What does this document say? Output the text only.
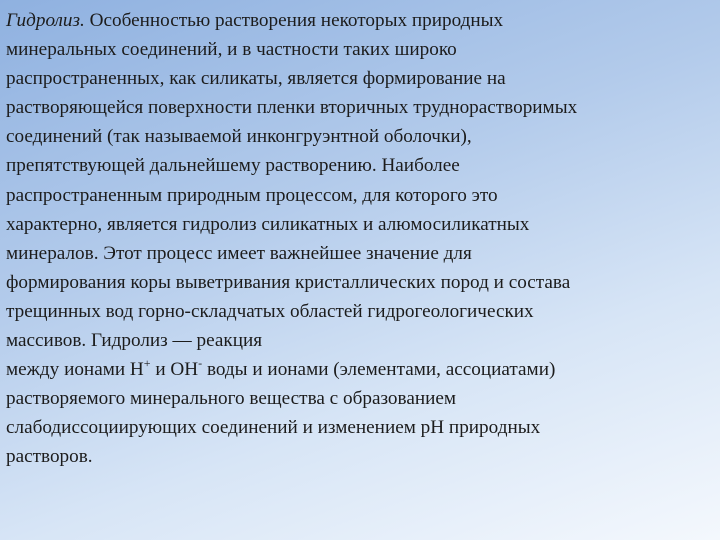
Гидролиз. Особенностью растворения некоторых природных
минеральных соединений, и в частности таких широко
распространенных, как силикаты, является формирование на
растворяющейся поверхности пленки вторичных труднорастворимых
соединений (так называемой инконгруэнтной оболочки),
препятствующей дальнейшему растворению. Наиболее
распространенным природным процессом, для которого это
характерно, является гидролиз силикатных и алюмосиликатных
минералов. Этот процесс имеет важнейшее значение для
формирования коры выветривания кристаллических пород и состава
трещинных вод горно-складчатых областей гидрогеологических
массивов. Гидролиз — реакция
между ионами H+ и OH- воды и ионами (элементами, ассоциатами)
растворяемого минерального вещества с образованием
слабодиссоциирующих соединений и изменением pH природных
растворов.
